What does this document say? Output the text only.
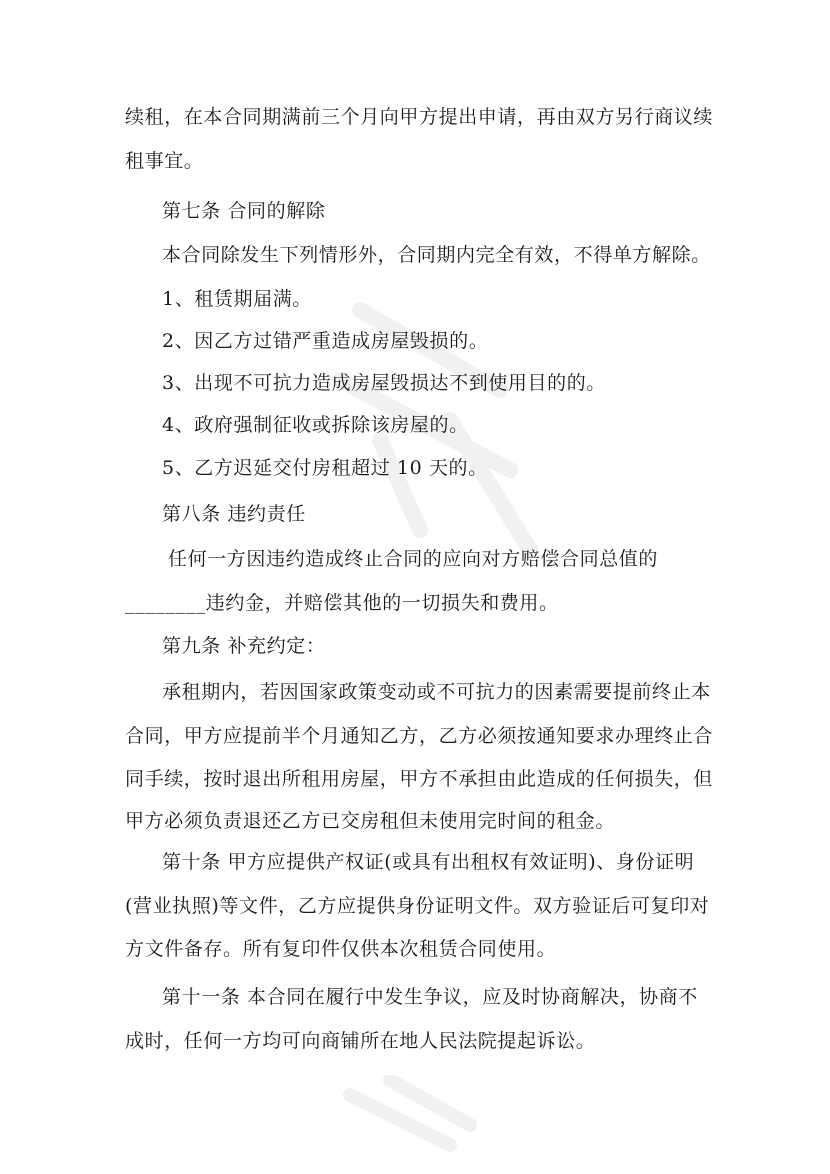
续租，在本合同期满前三个月向甲方提出申请，再由双方另行商议续

租事宜。

第七条 合同的解除

本合同除发生下列情形外，合同期内完全有效，不得单方解除。

1、租赁期届满。

2、因乙方过错严重造成房屋毁损的。

3、出现不可抗力造成房屋毁损达不到使用目的的。

4、政府强制征收或拆除该房屋的。

5、乙方迟延交付房租超过 10 天的。

第八条 违约责任

任何一方因违约造成终止合同的应向对方赔偿合同总值的

________违约金，并赔偿其他的一切损失和费用。

第九条 补充约定：

承租期内，若因国家政策变动或不可抗力的因素需要提前终止本

合同，甲方应提前半个月通知乙方，乙方必须按通知要求办理终止合

同手续，按时退出所租用房屋，甲方不承担由此造成的任何损失，但

甲方必须负责退还乙方已交房租但未使用完时间的租金。

第十条 甲方应提供产权证(或具有出租权有效证明)、身份证明

(营业执照)等文件，乙方应提供身份证明文件。双方验证后可复印对

方文件备存。所有复印件仅供本次租赁合同使用。

第十一条 本合同在履行中发生争议，应及时协商解决，协商不

成时，任何一方均可向商铺所在地人民法院提起诉讼。
